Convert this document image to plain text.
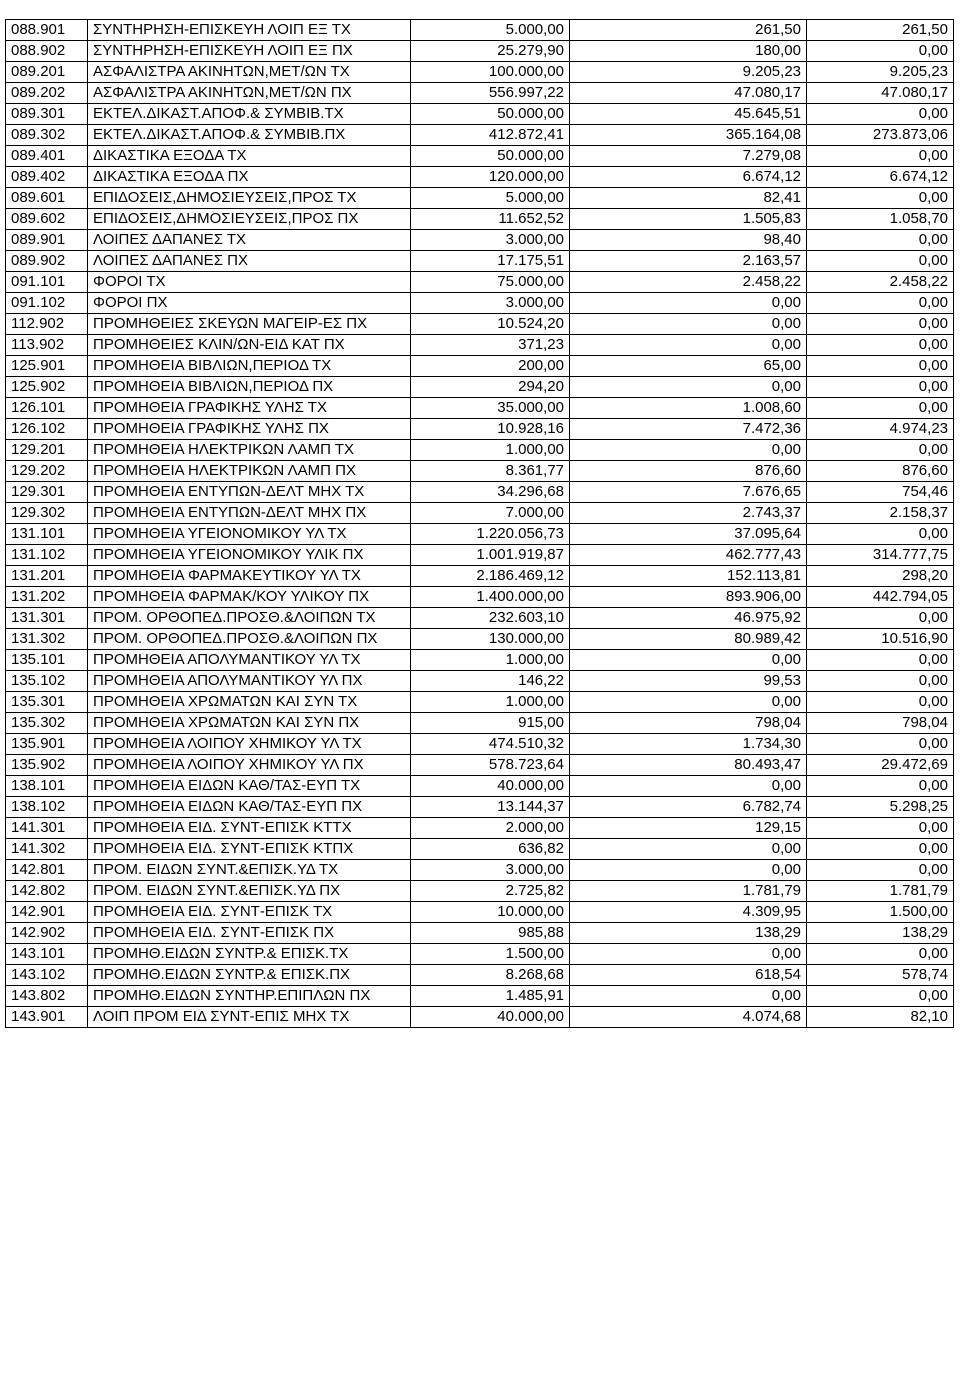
088.901	ΣΥΝΤΗΡΗΣΗ-ΕΠΙΣΚΕΥΗ ΛΟΙΠ ΕΞ ΤΧ	5.000,00	261,50	261,50
088.902	ΣΥΝΤΗΡΗΣΗ-ΕΠΙΣΚΕΥΗ ΛΟΙΠ ΕΞ ΠΧ	25.279,90	180,00	0,00
089.201	ΑΣΦΑΛΙΣΤΡΑ ΑΚΙΝΗΤΩΝ,ΜΕΤ/ΩΝ ΤΧ	100.000,00	9.205,23	9.205,23
089.202	ΑΣΦΑΛΙΣΤΡΑ ΑΚΙΝΗΤΩΝ,ΜΕΤ/ΩΝ ΠΧ	556.997,22	47.080,17	47.080,17
089.301	ΕΚΤΕΛ.ΔΙΚΑΣΤ.ΑΠΟΦ.& ΣΥΜΒΙΒ.ΤΧ	50.000,00	45.645,51	0,00
089.302	ΕΚΤΕΛ.ΔΙΚΑΣΤ.ΑΠΟΦ.& ΣΥΜΒΙΒ.ΠΧ	412.872,41	365.164,08	273.873,06
089.401	ΔΙΚΑΣΤΙΚΑ ΕΞΟΔΑ ΤΧ	50.000,00	7.279,08	0,00
089.402	ΔΙΚΑΣΤΙΚΑ ΕΞΟΔΑ ΠΧ	120.000,00	6.674,12	6.674,12
089.601	ΕΠΙΔΟΣΕΙΣ,ΔΗΜΟΣΙΕΥΣΕΙΣ,ΠΡΟΣ ΤΧ	5.000,00	82,41	0,00
089.602	ΕΠΙΔΟΣΕΙΣ,ΔΗΜΟΣΙΕΥΣΕΙΣ,ΠΡΟΣ ΠΧ	11.652,52	1.505,83	1.058,70
089.901	ΛΟΙΠΕΣ ΔΑΠΑΝΕΣ ΤΧ	3.000,00	98,40	0,00
089.902	ΛΟΙΠΕΣ ΔΑΠΑΝΕΣ ΠΧ	17.175,51	2.163,57	0,00
091.101	ΦΟΡΟΙ ΤΧ	75.000,00	2.458,22	2.458,22
091.102	ΦΟΡΟΙ ΠΧ	3.000,00	0,00	0,00
112.902	ΠΡΟΜΗΘΕΙΕΣ ΣΚΕΥΩΝ ΜΑΓΕΙΡ-ΕΣ ΠΧ	10.524,20	0,00	0,00
113.902	ΠΡΟΜΗΘΕΙΕΣ ΚΛΙΝ/ΩΝ-ΕΙΔ ΚΑΤ ΠΧ	371,23	0,00	0,00
125.901	ΠΡΟΜΗΘΕΙΑ ΒΙΒΛΙΩΝ,ΠΕΡΙΟΔ ΤΧ	200,00	65,00	0,00
125.902	ΠΡΟΜΗΘΕΙΑ ΒΙΒΛΙΩΝ,ΠΕΡΙΟΔ ΠΧ	294,20	0,00	0,00
126.101	ΠΡΟΜΗΘΕΙΑ ΓΡΑΦΙΚΗΣ ΥΛΗΣ ΤΧ	35.000,00	1.008,60	0,00
126.102	ΠΡΟΜΗΘΕΙΑ ΓΡΑΦΙΚΗΣ ΥΛΗΣ ΠΧ	10.928,16	7.472,36	4.974,23
129.201	ΠΡΟΜΗΘΕΙΑ ΗΛΕΚΤΡΙΚΩΝ ΛΑΜΠ ΤΧ	1.000,00	0,00	0,00
129.202	ΠΡΟΜΗΘΕΙΑ ΗΛΕΚΤΡΙΚΩΝ ΛΑΜΠ ΠΧ	8.361,77	876,60	876,60
129.301	ΠΡΟΜΗΘΕΙΑ ΕΝΤΥΠΩΝ-ΔΕΛΤ ΜΗΧ ΤΧ	34.296,68	7.676,65	754,46
129.302	ΠΡΟΜΗΘΕΙΑ ΕΝΤΥΠΩΝ-ΔΕΛΤ ΜΗΧ ΠΧ	7.000,00	2.743,37	2.158,37
131.101	ΠΡΟΜΗΘΕΙΑ ΥΓΕΙΟΝΟΜΙΚΟΥ ΥΛ ΤΧ	1.220.056,73	37.095,64	0,00
131.102	ΠΡΟΜΗΘΕΙΑ ΥΓΕΙΟΝΟΜΙΚΟΥ ΥΛΙΚ ΠΧ	1.001.919,87	462.777,43	314.777,75
131.201	ΠΡΟΜΗΘΕΙΑ ΦΑΡΜΑΚΕΥΤΙΚΟΥ ΥΛ ΤΧ	2.186.469,12	152.113,81	298,20
131.202	ΠΡΟΜΗΘΕΙΑ ΦΑΡΜΑΚ/ΚΟΥ ΥΛΙΚΟΥ ΠΧ	1.400.000,00	893.906,00	442.794,05
131.301	ΠΡΟΜ. ΟΡΘΟΠΕΔ.ΠΡΟΣΘ.&ΛΟΙΠΩΝ ΤΧ	232.603,10	46.975,92	0,00
131.302	ΠΡΟΜ. ΟΡΘΟΠΕΔ.ΠΡΟΣΘ.&ΛΟΙΠΩΝ ΠΧ	130.000,00	80.989,42	10.516,90
135.101	ΠΡΟΜΗΘΕΙΑ ΑΠΟΛΥΜΑΝΤΙΚΟΥ ΥΛ ΤΧ	1.000,00	0,00	0,00
135.102	ΠΡΟΜΗΘΕΙΑ ΑΠΟΛΥΜΑΝΤΙΚΟΥ ΥΛ ΠΧ	146,22	99,53	0,00
135.301	ΠΡΟΜΗΘΕΙΑ ΧΡΩΜΑΤΩΝ ΚΑΙ ΣΥΝ ΤΧ	1.000,00	0,00	0,00
135.302	ΠΡΟΜΗΘΕΙΑ ΧΡΩΜΑΤΩΝ ΚΑΙ ΣΥΝ ΠΧ	915,00	798,04	798,04
135.901	ΠΡΟΜΗΘΕΙΑ ΛΟΙΠΟΥ ΧΗΜΙΚΟΥ ΥΛ ΤΧ	474.510,32	1.734,30	0,00
135.902	ΠΡΟΜΗΘΕΙΑ ΛΟΙΠΟΥ ΧΗΜΙΚΟΥ ΥΛ ΠΧ	578.723,64	80.493,47	29.472,69
138.101	ΠΡΟΜΗΘΕΙΑ ΕΙΔΩΝ ΚΑΘ/ΤΑΣ-ΕΥΠ ΤΧ	40.000,00	0,00	0,00
138.102	ΠΡΟΜΗΘΕΙΑ ΕΙΔΩΝ ΚΑΘ/ΤΑΣ-ΕΥΠ ΠΧ	13.144,37	6.782,74	5.298,25
141.301	ΠΡΟΜΗΘΕΙΑ ΕΙΔ. ΣΥΝΤ-ΕΠΙΣΚ ΚΤΤΧ	2.000,00	129,15	0,00
141.302	ΠΡΟΜΗΘΕΙΑ ΕΙΔ. ΣΥΝΤ-ΕΠΙΣΚ ΚΤΠΧ	636,82	0,00	0,00
142.801	ΠΡΟΜ. ΕΙΔΩΝ ΣΥΝΤ.&ΕΠΙΣΚ.ΥΔ ΤΧ	3.000,00	0,00	0,00
142.802	ΠΡΟΜ. ΕΙΔΩΝ ΣΥΝΤ.&ΕΠΙΣΚ.ΥΔ ΠΧ	2.725,82	1.781,79	1.781,79
142.901	ΠΡΟΜΗΘΕΙΑ ΕΙΔ. ΣΥΝΤ-ΕΠΙΣΚ ΤΧ	10.000,00	4.309,95	1.500,00
142.902	ΠΡΟΜΗΘΕΙΑ ΕΙΔ. ΣΥΝΤ-ΕΠΙΣΚ ΠΧ	985,88	138,29	138,29
143.101	ΠΡΟΜΗΘ.ΕΙΔΩΝ ΣΥΝΤΡ.& ΕΠΙΣΚ.ΤΧ	1.500,00	0,00	0,00
143.102	ΠΡΟΜΗΘ.ΕΙΔΩΝ ΣΥΝΤΡ.& ΕΠΙΣΚ.ΠΧ	8.268,68	618,54	578,74
143.802	ΠΡΟΜΗΘ.ΕΙΔΩΝ ΣΥΝΤΗΡ.ΕΠΙΠΛΩΝ ΠΧ	1.485,91	0,00	0,00
143.901	ΛΟΙΠ ΠΡΟΜ ΕΙΔ ΣΥΝΤ-ΕΠΙΣ ΜΗΧ ΤΧ	40.000,00	4.074,68	82,10
